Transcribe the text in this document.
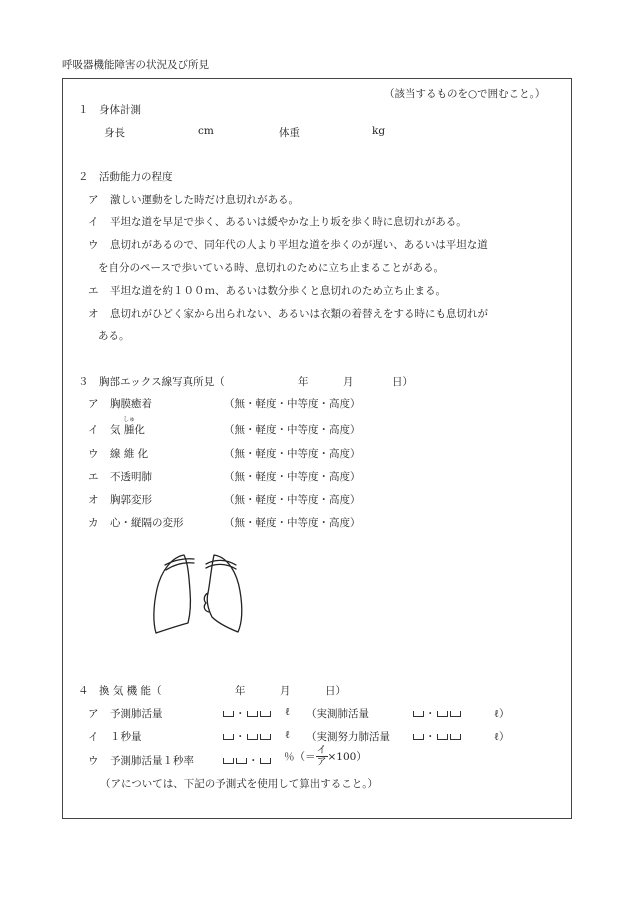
呼吸器機能障害の状況及び所見
（該当するものを○で囲むこと。）
１　身体計測
身長	cm	体重	kg
２　活動能力の程度
ア 激しい運動をした時だけ息切れがある。
イ 平坦な道を早足で歩く、あるいは緩やかな上り坂を歩く時に息切れがある。
ウ 息切れがあるので、同年代の人より平坦な道を歩くのが遅い、あるいは平坦な道
を自分のペースで歩いている時、息切れのために立ち止まることがある。
エ 平坦な道を約１００ｍ、あるいは数分歩くと息切れのため立ち止まる。
オ 息切れがひどく家から出られない、あるいは衣類の着替えをする時にも息切れが
ある。
３　胸部エックス線写真所見（	年	月	日）
ア 胸膜癒着	（無・軽度・中等度・高度）
イ 気
しゅ
腫化	（無・軽度・中等度・高度）
ウ 線 維 化	（無・軽度・中等度・高度）
エ 不透明肺	（無・軽度・中等度・高度）
オ 胸郭変形	（無・軽度・中等度・高度）
カ 心・縦隔の変形	（無・軽度・中等度・高度）
４　換 気 機 能（	年	月	日）
ア 予測肺活量	・	ℓ （実測肺活量	・	ℓ）
イ １秒量	・	ℓ （実測努力肺活量	・	ℓ）
ウ 予測肺活量１秒率	・	％（＝ $\frac{\text{イ}}{\text{ア}} \times 100$）
（アについては、下記の予測式を使用して算出すること。）
